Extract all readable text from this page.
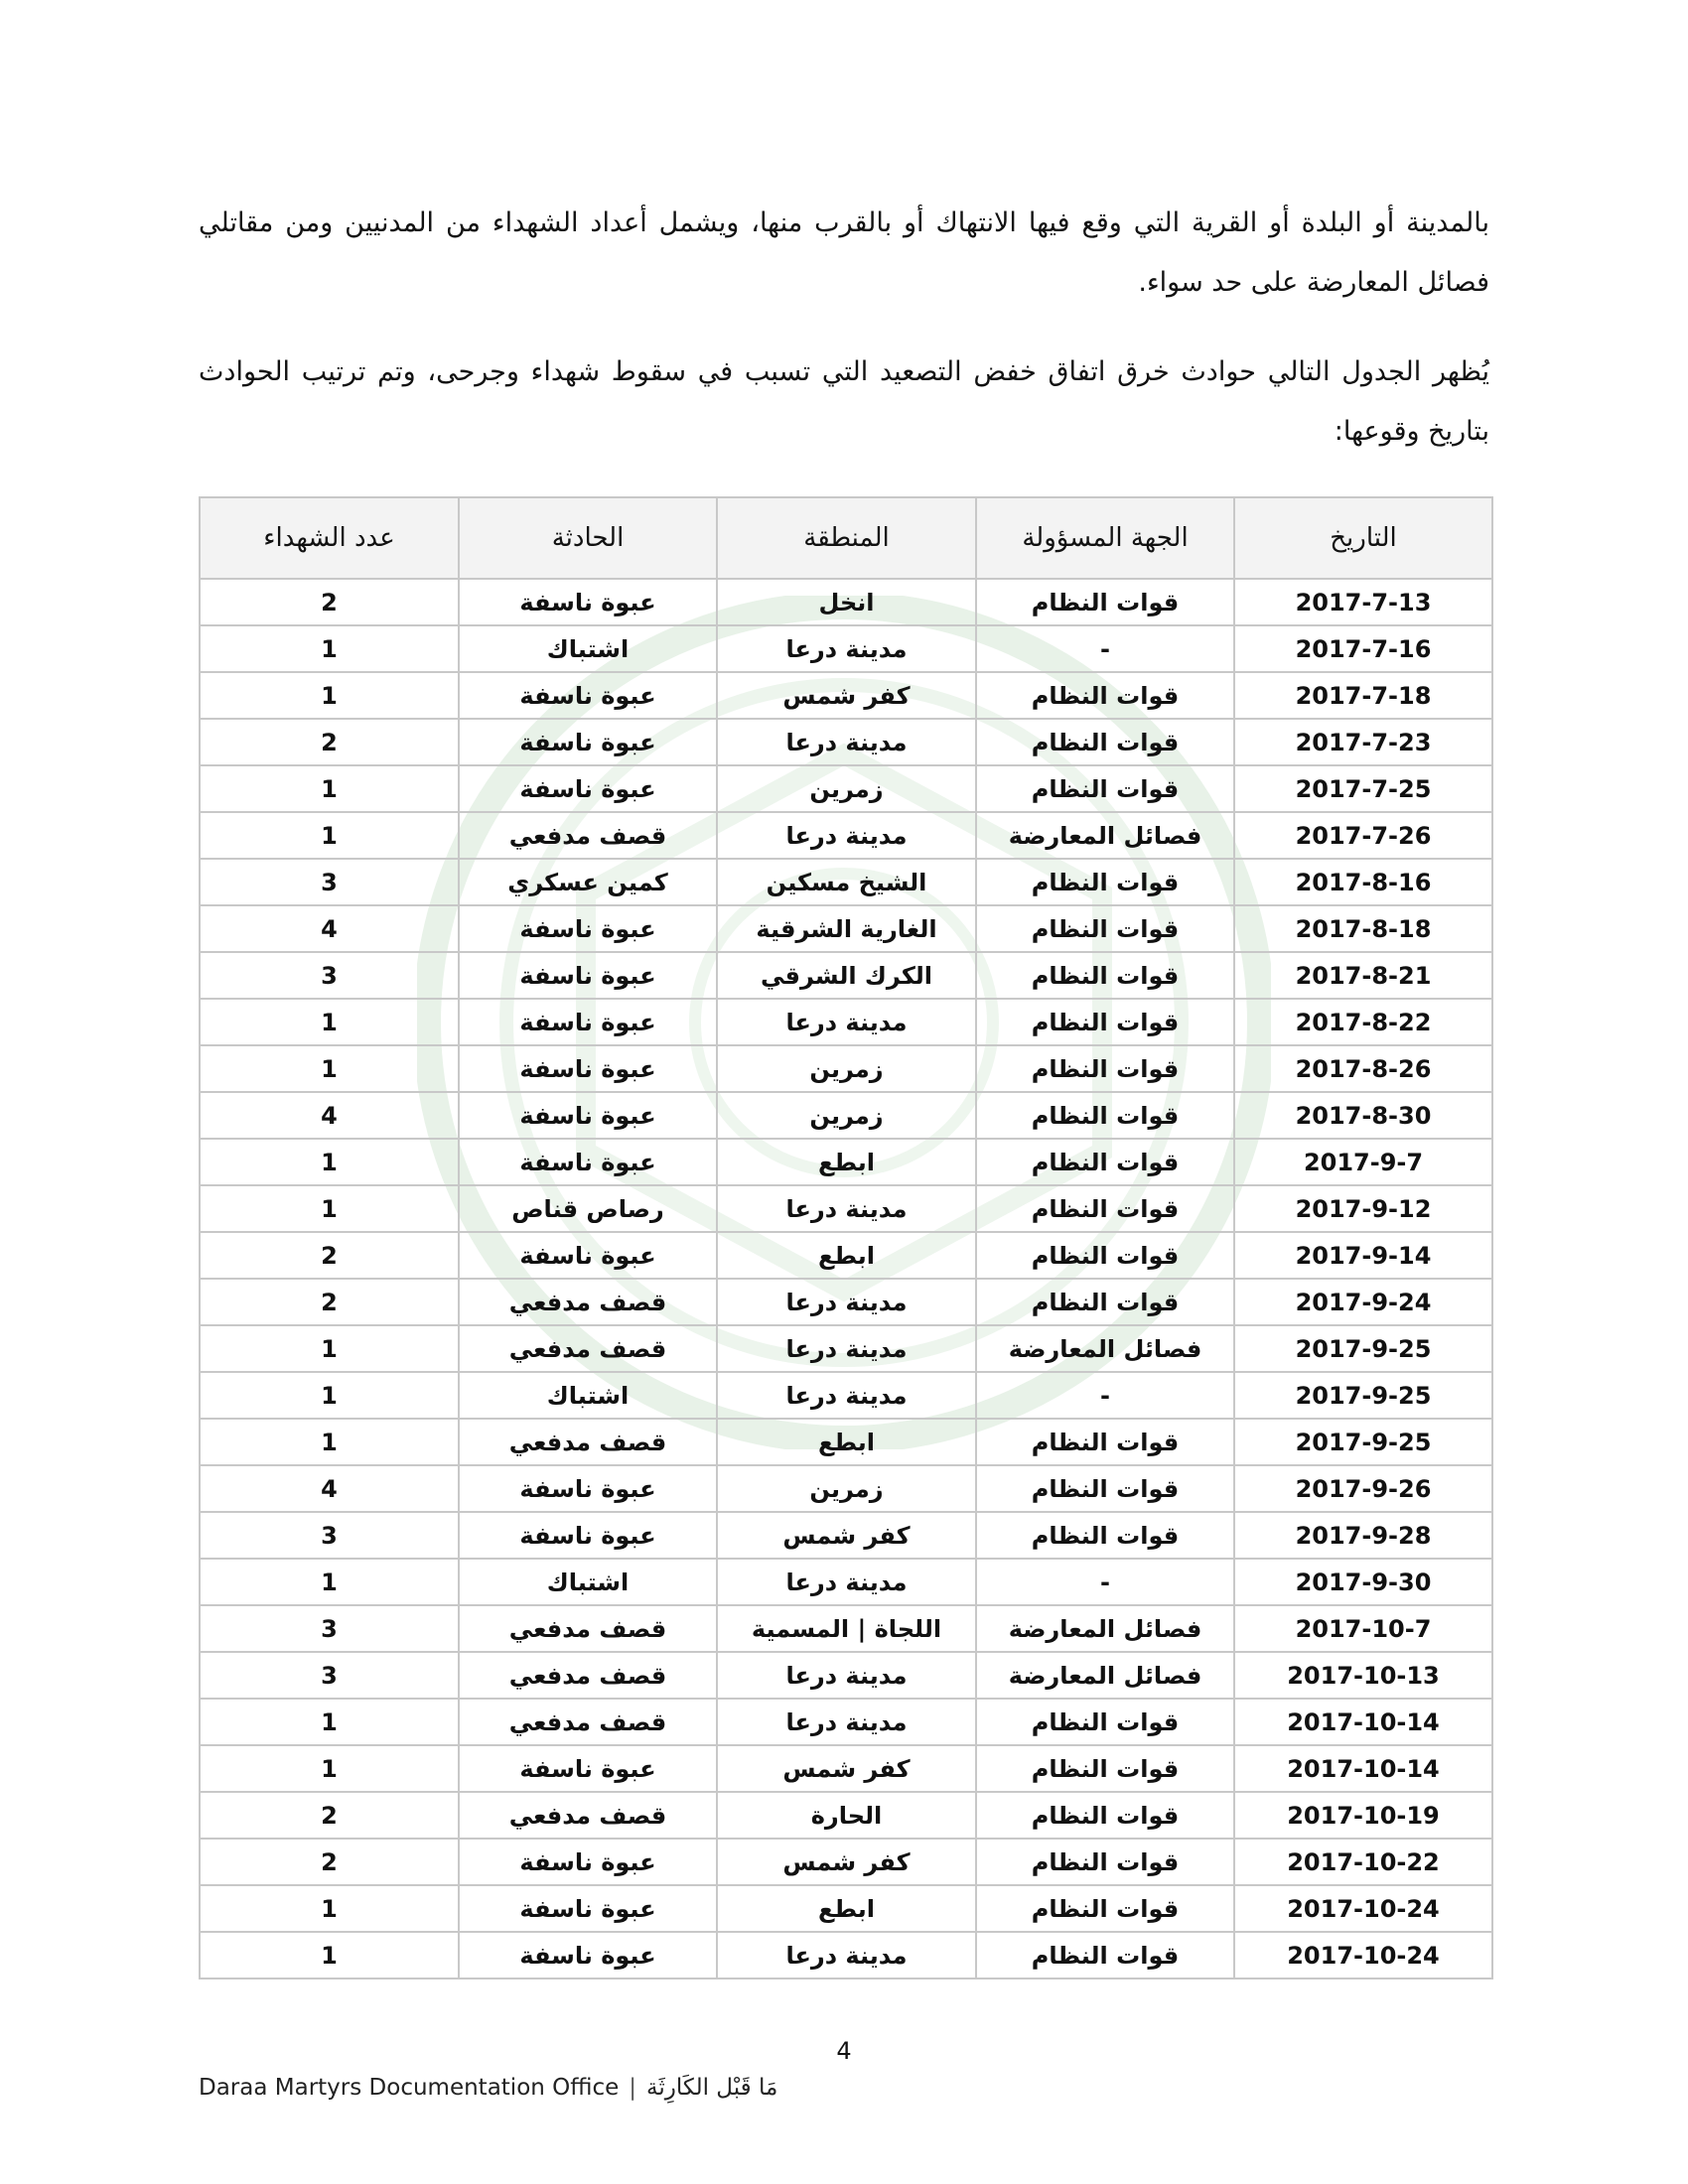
بالمدينة أو البلدة أو القرية التي وقع فيها الانتهاك أو بالقرب منها، ويشمل أعداد الشهداء من المدنيين ومن مقاتلي فصائل المعارضة على حد سواء.

يُظهر الجدول التالي حوادث خرق اتفاق خفض التصعيد التي تسبب في سقوط شهداء وجرحى، وتم ترتيب الحوادث بتاريخ وقوعها:

التاريخ	الجهة المسؤولة	المنطقة	الحادثة	عدد الشهداء
2017-7-13	قوات النظام	انخل	عبوة ناسفة	2
2017-7-16	-	مدينة درعا	اشتباك	1
2017-7-18	قوات النظام	كفر شمس	عبوة ناسفة	1
2017-7-23	قوات النظام	مدينة درعا	عبوة ناسفة	2
2017-7-25	قوات النظام	زمرين	عبوة ناسفة	1
2017-7-26	فصائل المعارضة	مدينة درعا	قصف مدفعي	1
2017-8-16	قوات النظام	الشيخ مسكين	كمين عسكري	3
2017-8-18	قوات النظام	الغارية الشرقية	عبوة ناسفة	4
2017-8-21	قوات النظام	الكرك الشرقي	عبوة ناسفة	3
2017-8-22	قوات النظام	مدينة درعا	عبوة ناسفة	1
2017-8-26	قوات النظام	زمرين	عبوة ناسفة	1
2017-8-30	قوات النظام	زمرين	عبوة ناسفة	4
2017-9-7	قوات النظام	ابطع	عبوة ناسفة	1
2017-9-12	قوات النظام	مدينة درعا	رصاص قناص	1
2017-9-14	قوات النظام	ابطع	عبوة ناسفة	2
2017-9-24	قوات النظام	مدينة درعا	قصف مدفعي	2
2017-9-25	فصائل المعارضة	مدينة درعا	قصف مدفعي	1
2017-9-25	-	مدينة درعا	اشتباك	1
2017-9-25	قوات النظام	ابطع	قصف مدفعي	1
2017-9-26	قوات النظام	زمرين	عبوة ناسفة	4
2017-9-28	قوات النظام	كفر شمس	عبوة ناسفة	3
2017-9-30	-	مدينة درعا	اشتباك	1
2017-10-7	فصائل المعارضة	اللجاة | المسمية	قصف مدفعي	3
2017-10-13	فصائل المعارضة	مدينة درعا	قصف مدفعي	3
2017-10-14	قوات النظام	مدينة درعا	قصف مدفعي	1
2017-10-14	قوات النظام	كفر شمس	عبوة ناسفة	1
2017-10-19	قوات النظام	الحارة	قصف مدفعي	2
2017-10-22	قوات النظام	كفر شمس	عبوة ناسفة	2
2017-10-24	قوات النظام	ابطع	عبوة ناسفة	1
2017-10-24	قوات النظام	مدينة درعا	عبوة ناسفة	1
4
Daraa Martyrs Documentation Office | مَا قَبْل الكَارِثَة
